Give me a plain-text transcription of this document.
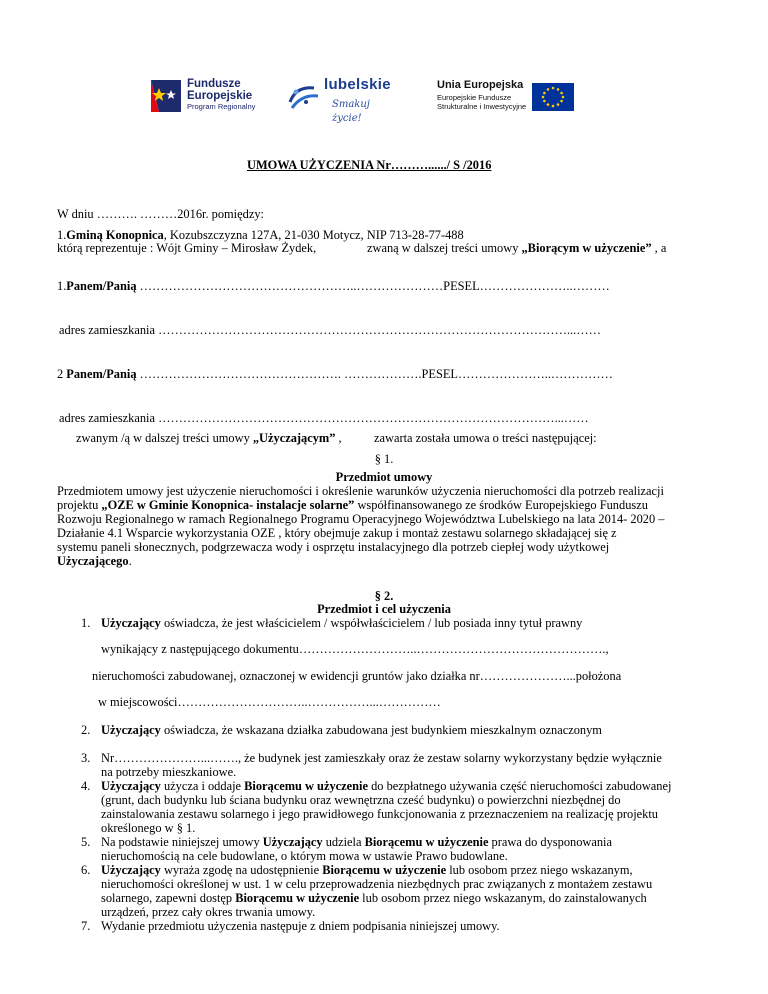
Fundusze
Europejskie
Program Regionalny
lubelskie
Smakuj życie!
Unia Europejska
Europejskie Fundusze
Strukturalne i Inwestycyjne
UMOWA UŻYCZENIA Nr………....../ S /2016
W dniu ………. ………2016r. pomiędzy:
1.Gminą Konopnica, Kozubszczyzna 127A, 21-030 Motycz, NIP 713-28-77-488
którą reprezentuje : Wójt Gminy – Mirosław Żydek,	zwaną w dalszej treści umowy „Biorącym w użyczenie” , a
1.Panem/Panią ……………………………………………..…………………PESEL…………………..………
adres zamieszkania ………………………………………………………………………………………...……
2 Panem/Panią …………………………………………. ……………….PESEL…………………..……………
adres zamieszkania ……………………………………………………………………………………...……
zwanym /ą w dalszej treści umowy „Użyczającym” ,	zawarta została umowa o treści następującej:
§ 1.
Przedmiot umowy
Przedmiotem umowy jest użyczenie nieruchomości i określenie warunków użyczenia nieruchomości dla potrzeb realizacji
projektu „OZE w Gminie Konopnica- instalacje solarne” współfinansowanego ze środków Europejskiego Funduszu
Rozwoju Regionalnego w ramach Regionalnego Programu Operacyjnego Województwa Lubelskiego na lata 2014- 2020 –
Działanie 4.1 Wsparcie wykorzystania OZE , który obejmuje zakup i montaż zestawu solarnego składającej się z
systemu paneli słonecznych, podgrzewacza wody i osprzętu instalacyjnego dla potrzeb ciepłej wody użytkowej
Użyczającego.
§ 2.
Przedmiot i cel użyczenia
1. Użyczający oświadcza, że jest właścicielem / współwłaścicielem / lub posiada inny tytuł prawny
wynikający z następującego dokumentu………………………..……………………………………….,
nieruchomości zabudowanej, oznaczonej w ewidencji gruntów jako działka nr…………………...położona
w miejscowości…………………………..……………...……………
2. Użyczający oświadcza, że wskazana działka zabudowana jest budynkiem mieszkalnym oznaczonym
3. Nr…………………...……., że budynek jest zamieszkały oraz że zestaw solarny wykorzystany będzie wyłącznie
na potrzeby mieszkaniowe.
4. Użyczający użycza i oddaje Biorącemu w użyczenie do bezpłatnego używania część nieruchomości zabudowanej
(grunt, dach budynku lub ściana budynku oraz wewnętrzna cześć budynku) o powierzchni niezbędnej do
zainstalowania zestawu solarnego i jego prawidłowego funkcjonowania z przeznaczeniem na realizację projektu
określonego w § 1.
5. Na podstawie niniejszej umowy Użyczający udziela Biorącemu w użyczenie prawa do dysponowania
nieruchomością na cele budowlane, o którym mowa w ustawie Prawo budowlane.
6. Użyczający wyraża zgodę na udostępnienie Biorącemu w użyczenie lub osobom przez niego wskazanym,
nieruchomości określonej w ust. 1 w celu przeprowadzenia niezbędnych prac związanych z montażem zestawu
solarnego, zapewni dostęp Biorącemu w użyczenie lub osobom przez niego wskazanym, do zainstalowanych
urządzeń, przez cały okres trwania umowy.
7. Wydanie przedmiotu użyczenia następuje z dniem podpisania niniejszej umowy.
